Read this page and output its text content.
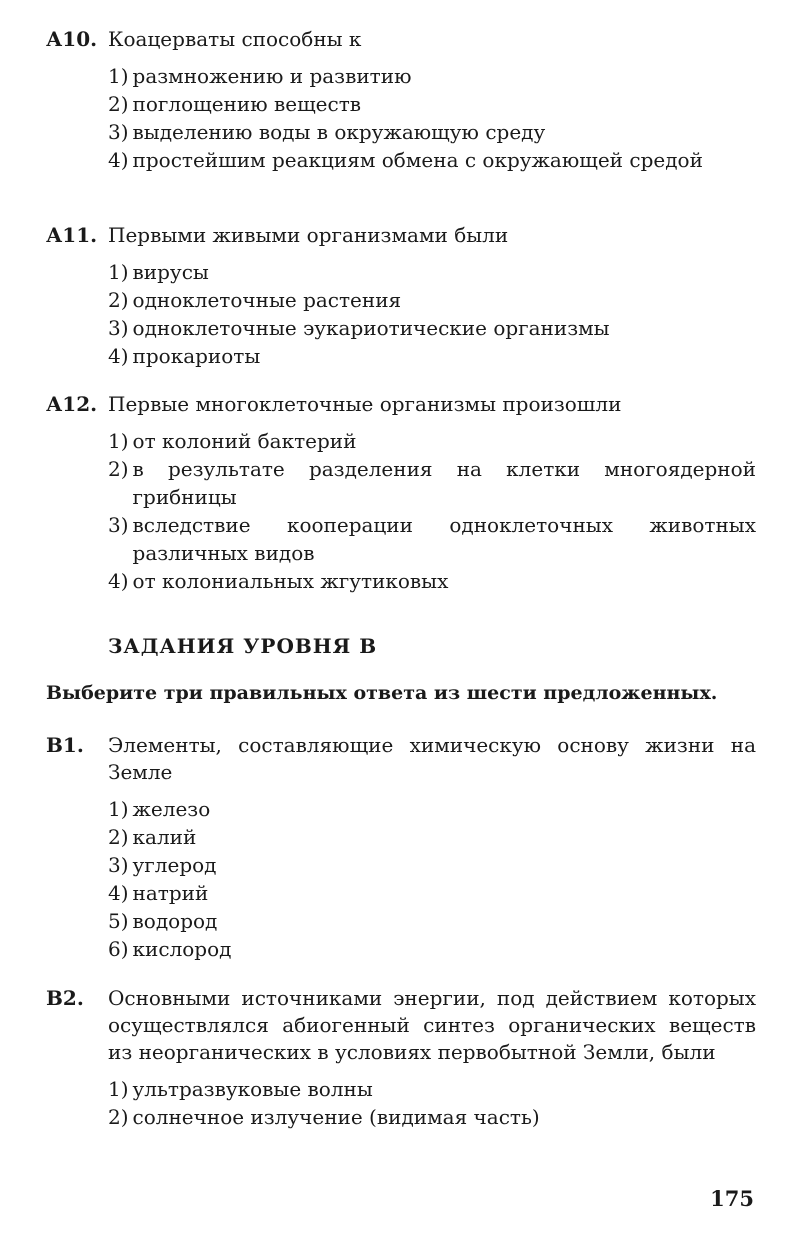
А10. Коацерваты способны к
1) размножению и развитию
2) поглощению веществ
3) выделению воды в окружающую среду
4) простейшим реакциям обмена с окружающей средой
А11. Первыми живыми организмами были
1) вирусы
2) одноклеточные растения
3) одноклеточные эукариотические организмы
4) прокариоты
А12. Первые многоклеточные организмы произошли
1) от колоний бактерий
2) в результате разделения на клетки многоядерной грибницы
3) вследствие кооперации одноклеточных животных различных видов
4) от колониальных жгутиковых
ЗАДАНИЯ УРОВНЯ В
Выберите три правильных ответа из шести предложенных.
В1.	Элементы, составляющие химическую основу жизни на Земле
1) железо
2) калий
3) углерод
4) натрий
5) водород
6) кислород
В2.	Основными источниками энергии, под действием которых осуществлялся абиогенный синтез органических веществ из неорганических в условиях первобытной Земли, были
1) ультразвуковые волны
2) солнечное излучение (видимая часть)
175
